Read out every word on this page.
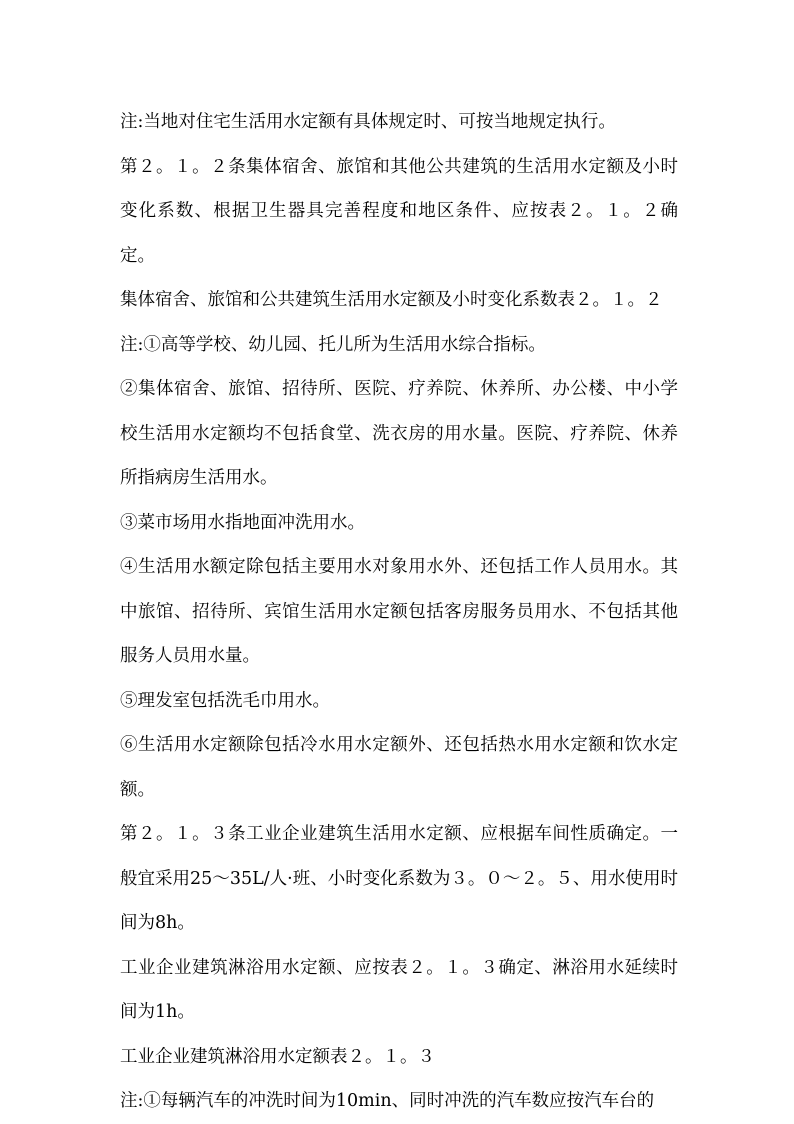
注:当地对住宅生活用水定额有具体规定时、可按当地规定执行。

第２。１。２条集体宿舍、旅馆和其他公共建筑的生活用水定额及小时变化系数、根据卫生器具完善程度和地区条件、应按表２。１。２确定。

集体宿舍、旅馆和公共建筑生活用水定额及小时变化系数表２。１。２

注:①高等学校、幼儿园、托儿所为生活用水综合指标。

②集体宿舍、旅馆、招待所、医院、疗养院、休养所、办公楼、中小学校生活用水定额均不包括食堂、洗衣房的用水量。医院、疗养院、休养所指病房生活用水。

③菜市场用水指地面冲洗用水。

④生活用水额定除包括主要用水对象用水外、还包括工作人员用水。其中旅馆、招待所、宾馆生活用水定额包括客房服务员用水、不包括其他服务人员用水量。

⑤理发室包括洗毛巾用水。

⑥生活用水定额除包括冷水用水定额外、还包括热水用水定额和饮水定额。

第２。１。３条工业企业建筑生活用水定额、应根据车间性质确定。一般宜采用25～35L/人·班、小时变化系数为３。０～２。５、用水使用时间为8h。

工业企业建筑淋浴用水定额、应按表２。１。３确定、淋浴用水延续时间为1h。

工业企业建筑淋浴用水定额表２。１。３

注:①每辆汽车的冲洗时间为10min、同时冲洗的汽车数应按汽车台的
